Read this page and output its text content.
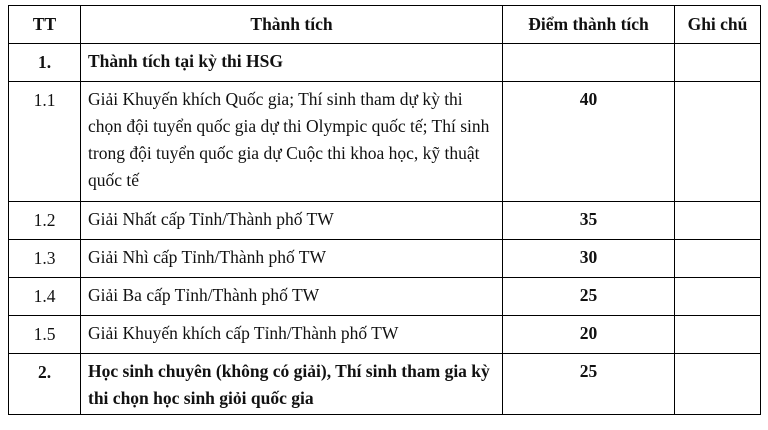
TT	Thành tích	Điểm thành tích	Ghi chú
1.	Thành tích tại kỳ thi HSG		
1.1	Giải Khuyến khích Quốc gia; Thí sinh tham dự kỳ thi chọn đội tuyển quốc gia dự thi Olympic quốc tế; Thí sinh trong đội tuyển quốc gia dự Cuộc thi khoa học, kỹ thuật quốc tế	40	
1.2	Giải Nhất cấp Tỉnh/Thành phố TW	35	
1.3	Giải Nhì cấp Tỉnh/Thành phố TW	30	
1.4	Giải Ba cấp Tỉnh/Thành phố TW	25	
1.5	Giải Khuyến khích cấp Tỉnh/Thành phố TW	20	
2.	Học sinh chuyên (không có giải), Thí sinh tham gia kỳ thi chọn học sinh giỏi quốc gia	25	
